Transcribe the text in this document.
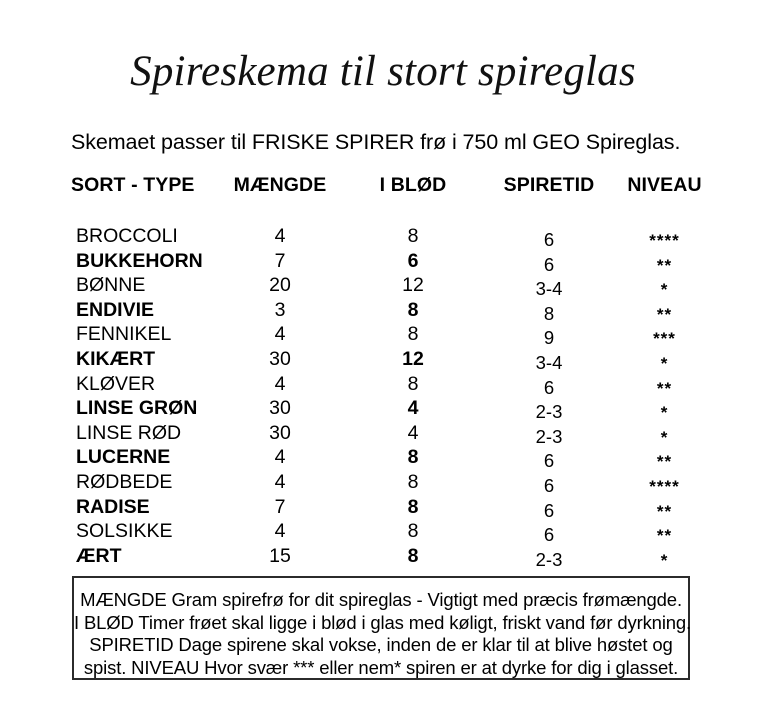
Spireskema til stort spireglas
Skemaet passer til FRISKE SPIRER frø i 750 ml GEO Spireglas.
SORT - TYPE	MÆNGDE	I BLØD	SPIRETID	NIVEAU
BROCCOLI	4	8	6	****
BUKKEHORN	7	6	6	**
BØNNE	20	12	3-4	*
ENDIVIE	3	8	8	**
FENNIKEL	4	8	9	***
KIKÆRT	30	12	3-4	*
KLØVER	4	8	6	**
LINSE GRØN	30	4	2-3	*
LINSE RØD	30	4	2-3	*
LUCERNE	4	8	6	**
RØDBEDE	4	8	6	****
RADISE	7	8	6	**
SOLSIKKE	4	8	6	**
ÆRT	15	8	2-3	*
MÆNGDE Gram spirefrø for dit spireglas - Vigtigt med præcis frømængde.
I BLØD Timer frøet skal ligge i blød i glas med køligt, friskt vand før dyrkning.
SPIRETID Dage spirene skal vokse, inden de er klar til at blive høstet og
spist. NIVEAU Hvor svær *** eller nem* spiren er at dyrke for dig i glasset.
